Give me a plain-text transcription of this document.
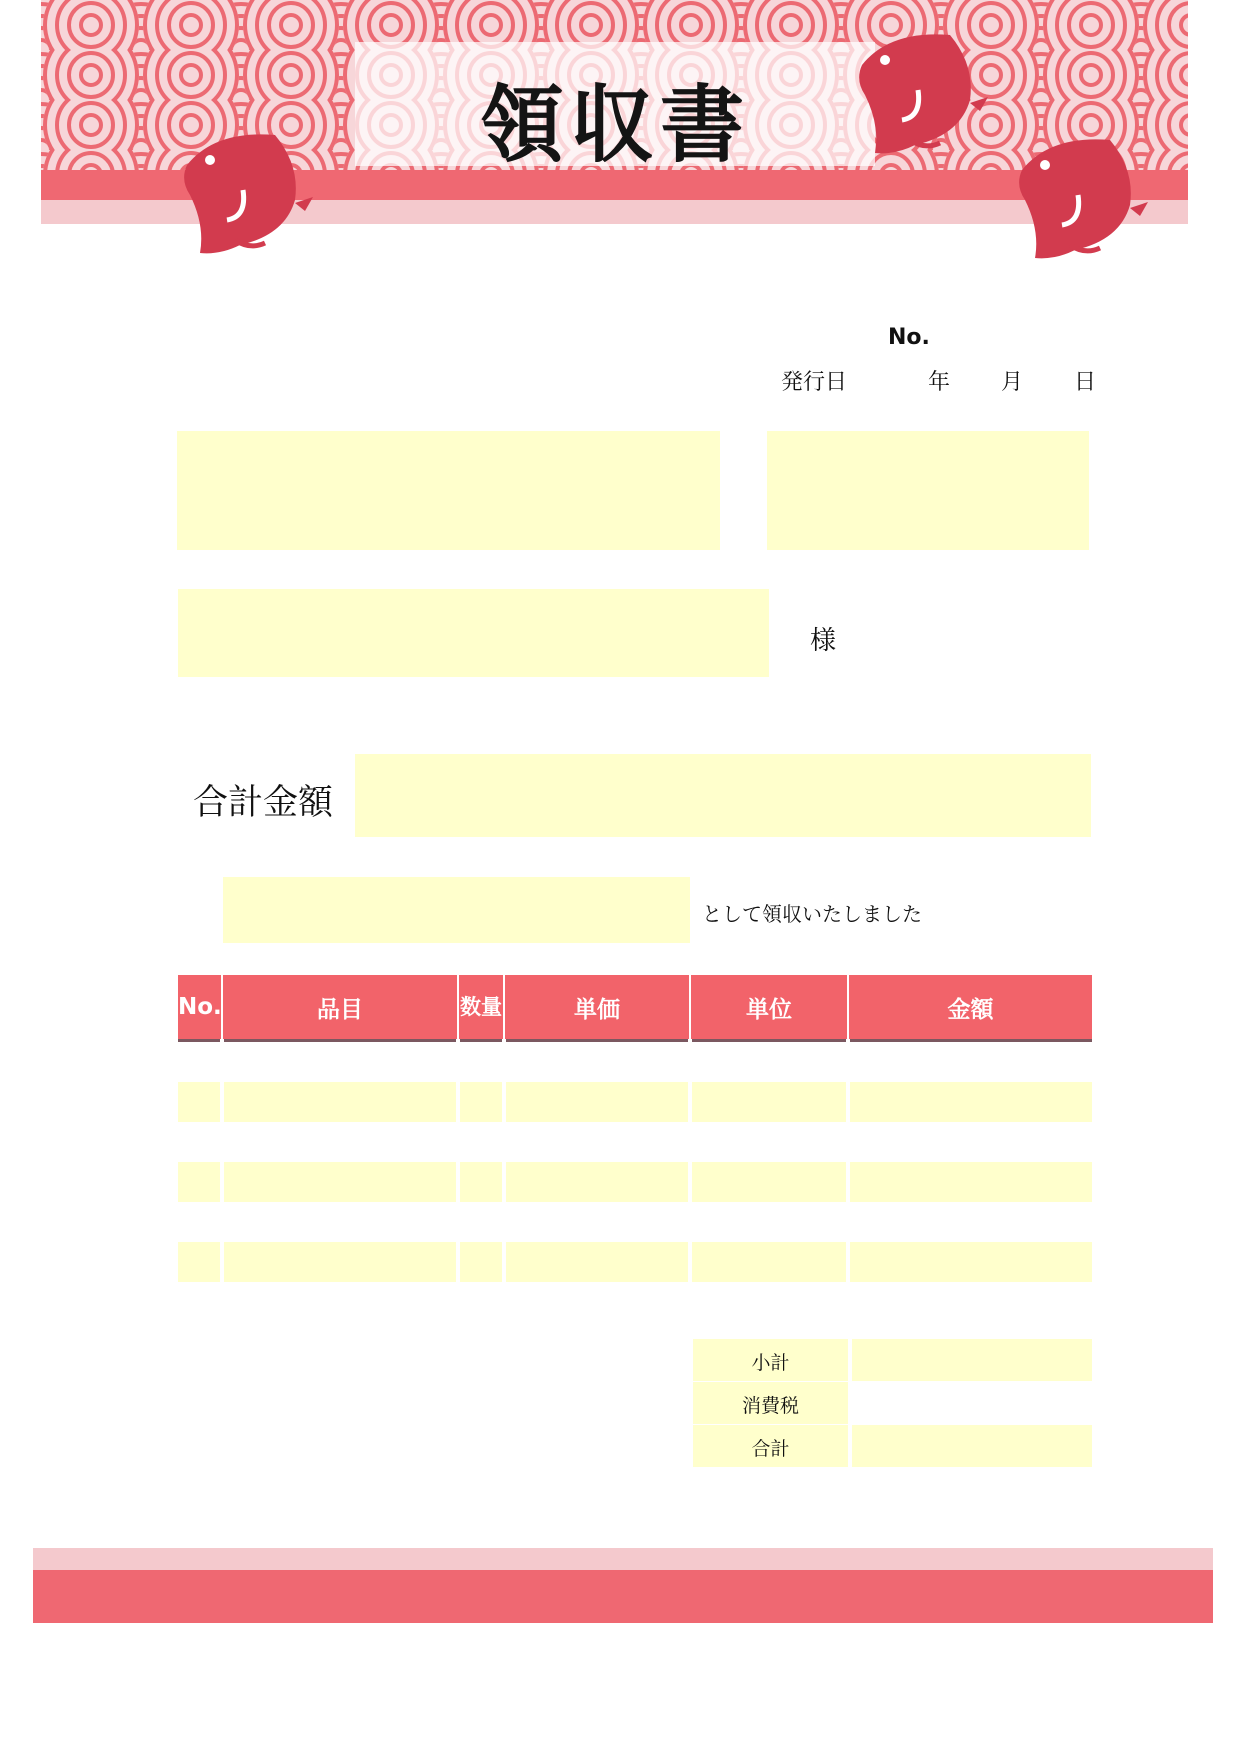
領収書
No.
発行日	年 月 日
様
合計金額
として領収いたしました
No.	品目	数量	単価	単位	金額

小計
消費税
合計
